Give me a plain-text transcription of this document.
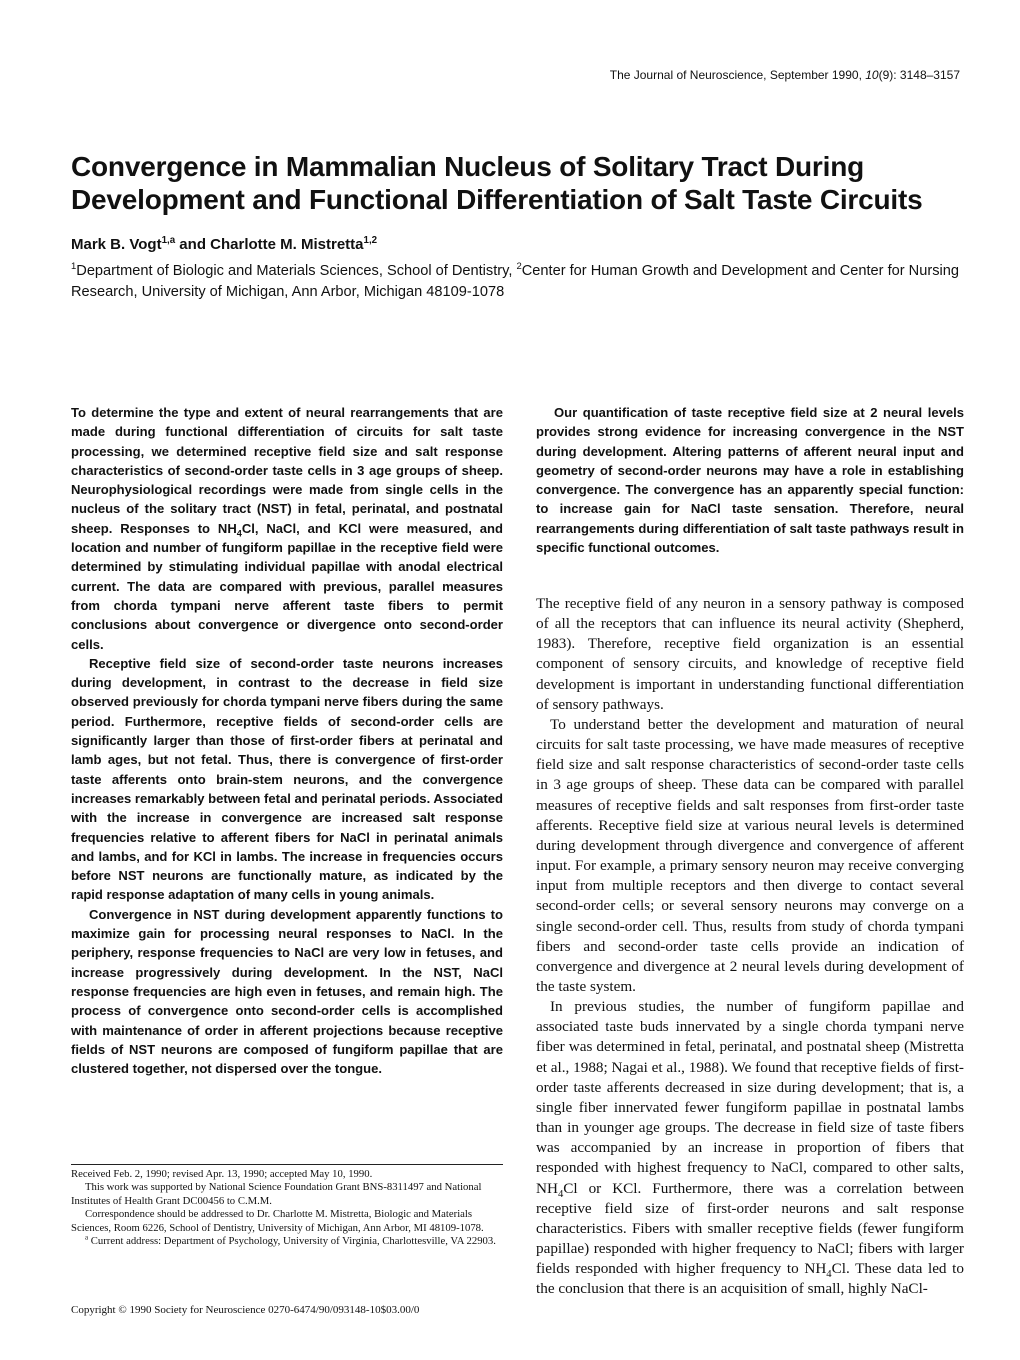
The Journal of Neuroscience, September 1990, 10(9): 3148–3157
Convergence in Mammalian Nucleus of Solitary Tract During Development and Functional Differentiation of Salt Taste Circuits
Mark B. Vogt$^{1,a}$ and Charlotte M. Mistretta$^{1,2}$
$^1$Department of Biologic and Materials Sciences, School of Dentistry, $^2$Center for Human Growth and Development and Center for Nursing Research, University of Michigan, Ann Arbor, Michigan 48109-1078

To determine the type and extent of neural rearrangements that are made during functional differentiation of circuits for salt taste processing, we determined receptive field size and salt response characteristics of second-order taste cells in 3 age groups of sheep. Neurophysiological recordings were made from single cells in the nucleus of the solitary tract (NST) in fetal, perinatal, and postnatal sheep. Responses to $NH_4Cl$, NaCl, and KCl were measured, and location and number of fungiform papillae in the receptive field were determined by stimulating individual papillae with anodal electrical current. The data are compared with previous, parallel measures from chorda tympani nerve afferent taste fibers to permit conclusions about convergence or divergence onto second-order cells.

Receptive field size of second-order taste neurons increases during development, in contrast to the decrease in field size observed previously for chorda tympani nerve fibers during the same period. Furthermore, receptive fields of second-order cells are significantly larger than those of first-order fibers at perinatal and lamb ages, but not fetal. Thus, there is convergence of first-order taste afferents onto brain-stem neurons, and the convergence increases remarkably between fetal and perinatal periods. Associated with the increase in convergence are increased salt response frequencies relative to afferent fibers for NaCl in perinatal animals and lambs, and for KCl in lambs. The increase in frequencies occurs before NST neurons are functionally mature, as indicated by the rapid response adaptation of many cells in young animals.

Convergence in NST during development apparently functions to maximize gain for processing neural responses to NaCl. In the periphery, response frequencies to NaCl are very low in fetuses, and increase progressively during development. In the NST, NaCl response frequencies are high even in fetuses, and remain high. The process of convergence onto second-order cells is accomplished with maintenance of order in afferent projections because receptive fields of NST neurons are composed of fungiform papillae that are clustered together, not dispersed over the tongue.

Our quantification of taste receptive field size at 2 neural levels provides strong evidence for increasing convergence in the NST during development. Altering patterns of afferent neural input and geometry of second-order neurons may have a role in establishing convergence. The convergence has an apparently special function: to increase gain for NaCl taste sensation. Therefore, neural rearrangements during differentiation of salt taste pathways result in specific functional outcomes.

Received Feb. 2, 1990; revised Apr. 13, 1990; accepted May 10, 1990.

This work was supported by National Science Foundation Grant BNS-8311497 and National Institutes of Health Grant DC00456 to C.M.M.

Correspondence should be addressed to Dr. Charlotte M. Mistretta, Biologic and Materials Sciences, Room 6226, School of Dentistry, University of Michigan, Ann Arbor, MI 48109-1078.

$^a$ Current address: Department of Psychology, University of Virginia, Charlottesville, VA 22903.

Copyright © 1990 Society for Neuroscience 0270-6474/90/093148-10$03.00/0

The receptive field of any neuron in a sensory pathway is composed of all the receptors that can influence its neural activity (Shepherd, 1983). Therefore, receptive field organization is an essential component of sensory circuits, and knowledge of receptive field development is important in understanding functional differentiation of sensory pathways.

To understand better the development and maturation of neural circuits for salt taste processing, we have made measures of receptive field size and salt response characteristics of second-order taste cells in 3 age groups of sheep. These data can be compared with parallel measures of receptive fields and salt responses from first-order taste afferents. Receptive field size at various neural levels is determined during development through divergence and convergence of afferent input. For example, a primary sensory neuron may receive converging input from multiple receptors and then diverge to contact several second-order cells; or several sensory neurons may converge on a single second-order cell. Thus, results from study of chorda tympani fibers and second-order taste cells provide an indication of convergence and divergence at 2 neural levels during development of the taste system.

In previous studies, the number of fungiform papillae and associated taste buds innervated by a single chorda tympani nerve fiber was determined in fetal, perinatal, and postnatal sheep (Mistretta et al., 1988; Nagai et al., 1988). We found that receptive fields of first-order taste afferents decreased in size during development; that is, a single fiber innervated fewer fungiform papillae in postnatal lambs than in younger age groups. The decrease in field size of taste fibers was accompanied by an increase in proportion of fibers that responded with highest frequency to NaCl, compared to other salts, $NH_4Cl$ or KCl. Furthermore, there was a correlation between receptive field size of first-order neurons and salt response characteristics. Fibers with smaller receptive fields (fewer fungiform papillae) responded with higher frequency to NaCl; fibers with larger fields responded with higher frequency to $NH_4Cl$. These data led to the conclusion that there is an acquisition of small, highly NaCl-
